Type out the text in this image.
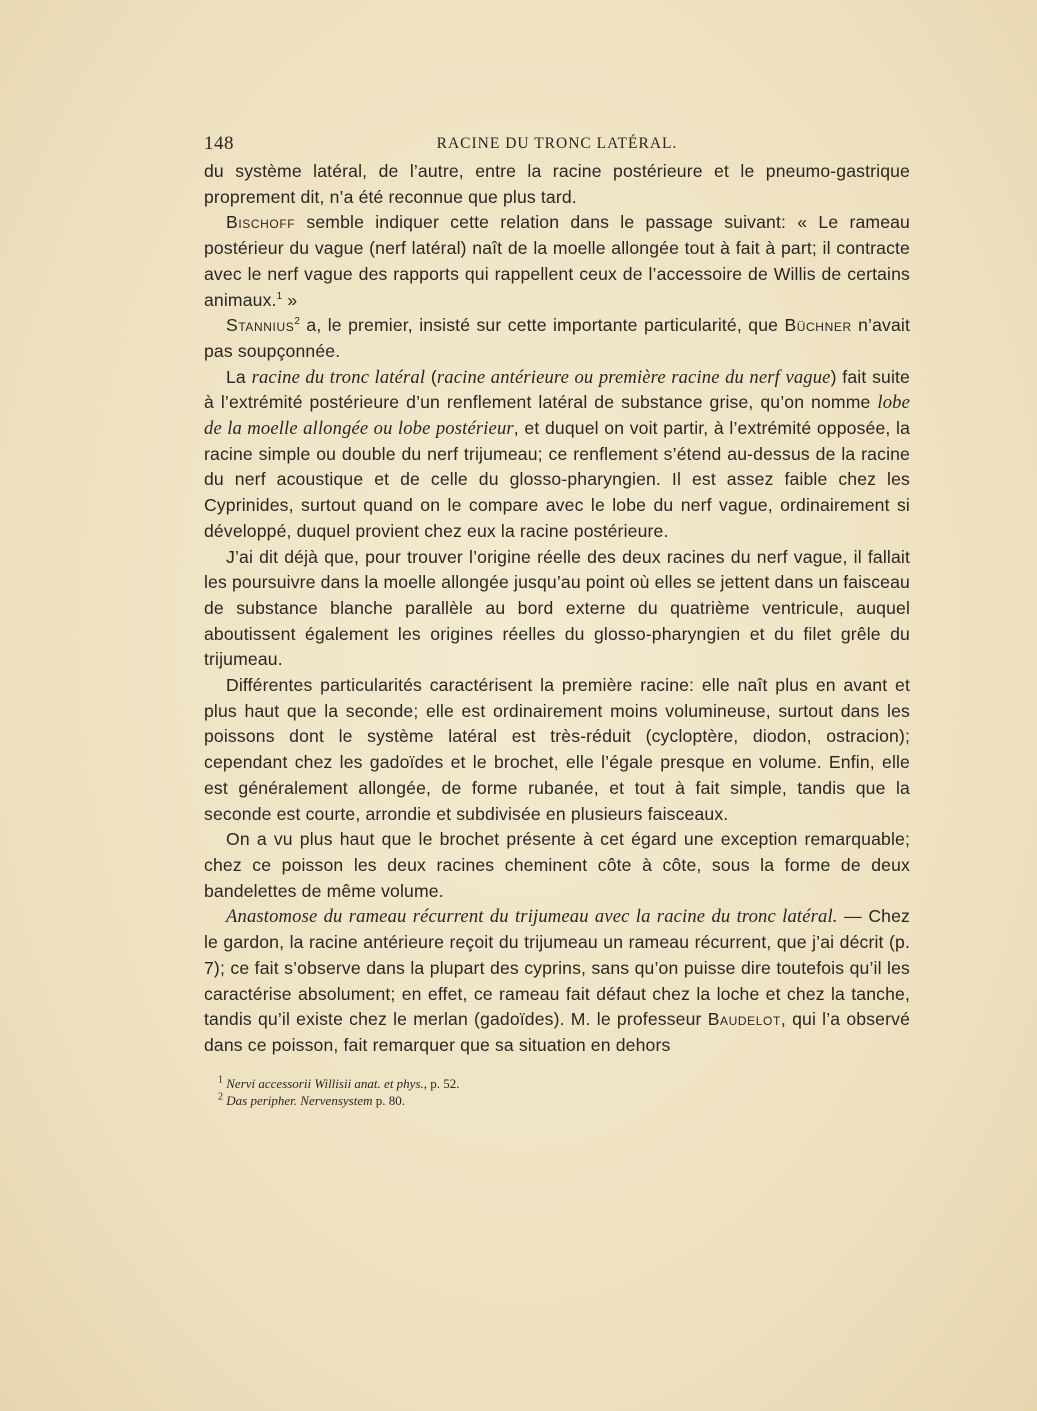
148	RACINE DU TRONC LATÉRAL.

du système latéral, de l’autre, entre la racine postérieure et le pneumo-gastrique proprement dit, n’a été reconnue que plus tard.

Bischoff semble indiquer cette relation dans le passage suivant: « Le rameau postérieur du vague (nerf latéral) naît de la moelle allongée tout à fait à part; il contracte avec le nerf vague des rapports qui rappellent ceux de l’accessoire de Willis de certains animaux.$^1$ »

Stannius$^2$ a, le premier, insisté sur cette importante particularité, que Büchner n’avait pas soupçonnée.

La racine du tronc latéral (racine antérieure ou première racine du nerf vague) fait suite à l’extrémité postérieure d’un renflement latéral de substance grise, qu’on nomme lobe de la moelle allongée ou lobe postérieur, et duquel on voit partir, à l’extrémité opposée, la racine simple ou double du nerf trijumeau; ce renflement s’étend au-dessus de la racine du nerf acoustique et de celle du glosso-pharyngien. Il est assez faible chez les Cyprinides, surtout quand on le compare avec le lobe du nerf vague, ordinairement si développé, duquel provient chez eux la racine postérieure.

J’ai dit déjà que, pour trouver l’origine réelle des deux racines du nerf vague, il fallait les poursuivre dans la moelle allongée jusqu’au point où elles se jettent dans un faisceau de substance blanche parallèle au bord externe du quatrième ventricule, auquel aboutissent également les origines réelles du glosso-pharyngien et du filet grêle du trijumeau.

Différentes particularités caractérisent la première racine: elle naît plus en avant et plus haut que la seconde; elle est ordinairement moins volumineuse, surtout dans les poissons dont le système latéral est très-réduit (cycloptère, diodon, ostracion); cependant chez les gadoïdes et le brochet, elle l’égale presque en volume. Enfin, elle est généralement allongée, de forme rubanée, et tout à fait simple, tandis que la seconde est courte, arrondie et subdivisée en plusieurs faisceaux.

On a vu plus haut que le brochet présente à cet égard une exception remarquable; chez ce poisson les deux racines cheminent côte à côte, sous la forme de deux bandelettes de même volume.

Anastomose du rameau récurrent du trijumeau avec la racine du tronc latéral. — Chez le gardon, la racine antérieure reçoit du trijumeau un rameau récurrent, que j’ai décrit (p. 7); ce fait s’observe dans la plupart des cyprins, sans qu’on puisse dire toutefois qu’il les caractérise absolument; en effet, ce rameau fait défaut chez la loche et chez la tanche, tandis qu’il existe chez le merlan (gadoïdes). M. le professeur Baudelot, qui l’a observé dans ce poisson, fait remarquer que sa situation en dehors

$^1$ Nervi accessorii Willisii anat. et phys., p. 52.
$^2$ Das peripher. Nervensystem p. 80.
